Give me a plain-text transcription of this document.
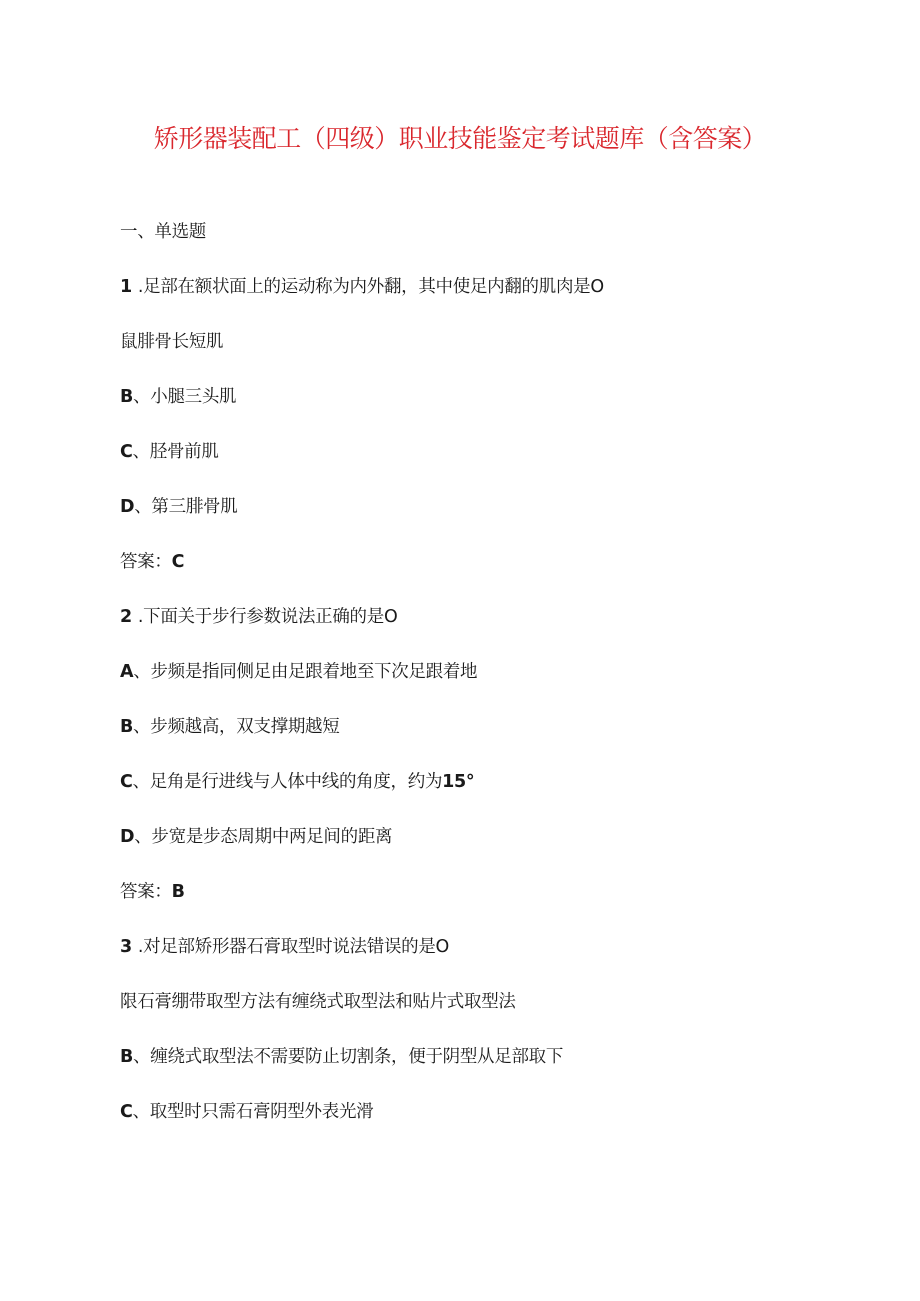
矫形器装配工（四级）职业技能鉴定考试题库（含答案）
一、单选题
1 .足部在额状面上的运动称为内外翻，其中使足内翻的肌肉是O
鼠腓骨长短肌
B、小腿三头肌
C、胫骨前肌
D、第三腓骨肌
答案：C
2 .下面关于步行参数说法正确的是O
A、步频是指同侧足由足跟着地至下次足跟着地
B、步频越高，双支撑期越短
C、足角是行进线与人体中线的角度，约为15°
D、步宽是步态周期中两足间的距离
答案：B
3 .对足部矫形器石膏取型时说法错误的是O
限石膏绷带取型方法有缠绕式取型法和贴片式取型法
B、缠绕式取型法不需要防止切割条，便于阴型从足部取下
C、取型时只需石膏阴型外表光滑
